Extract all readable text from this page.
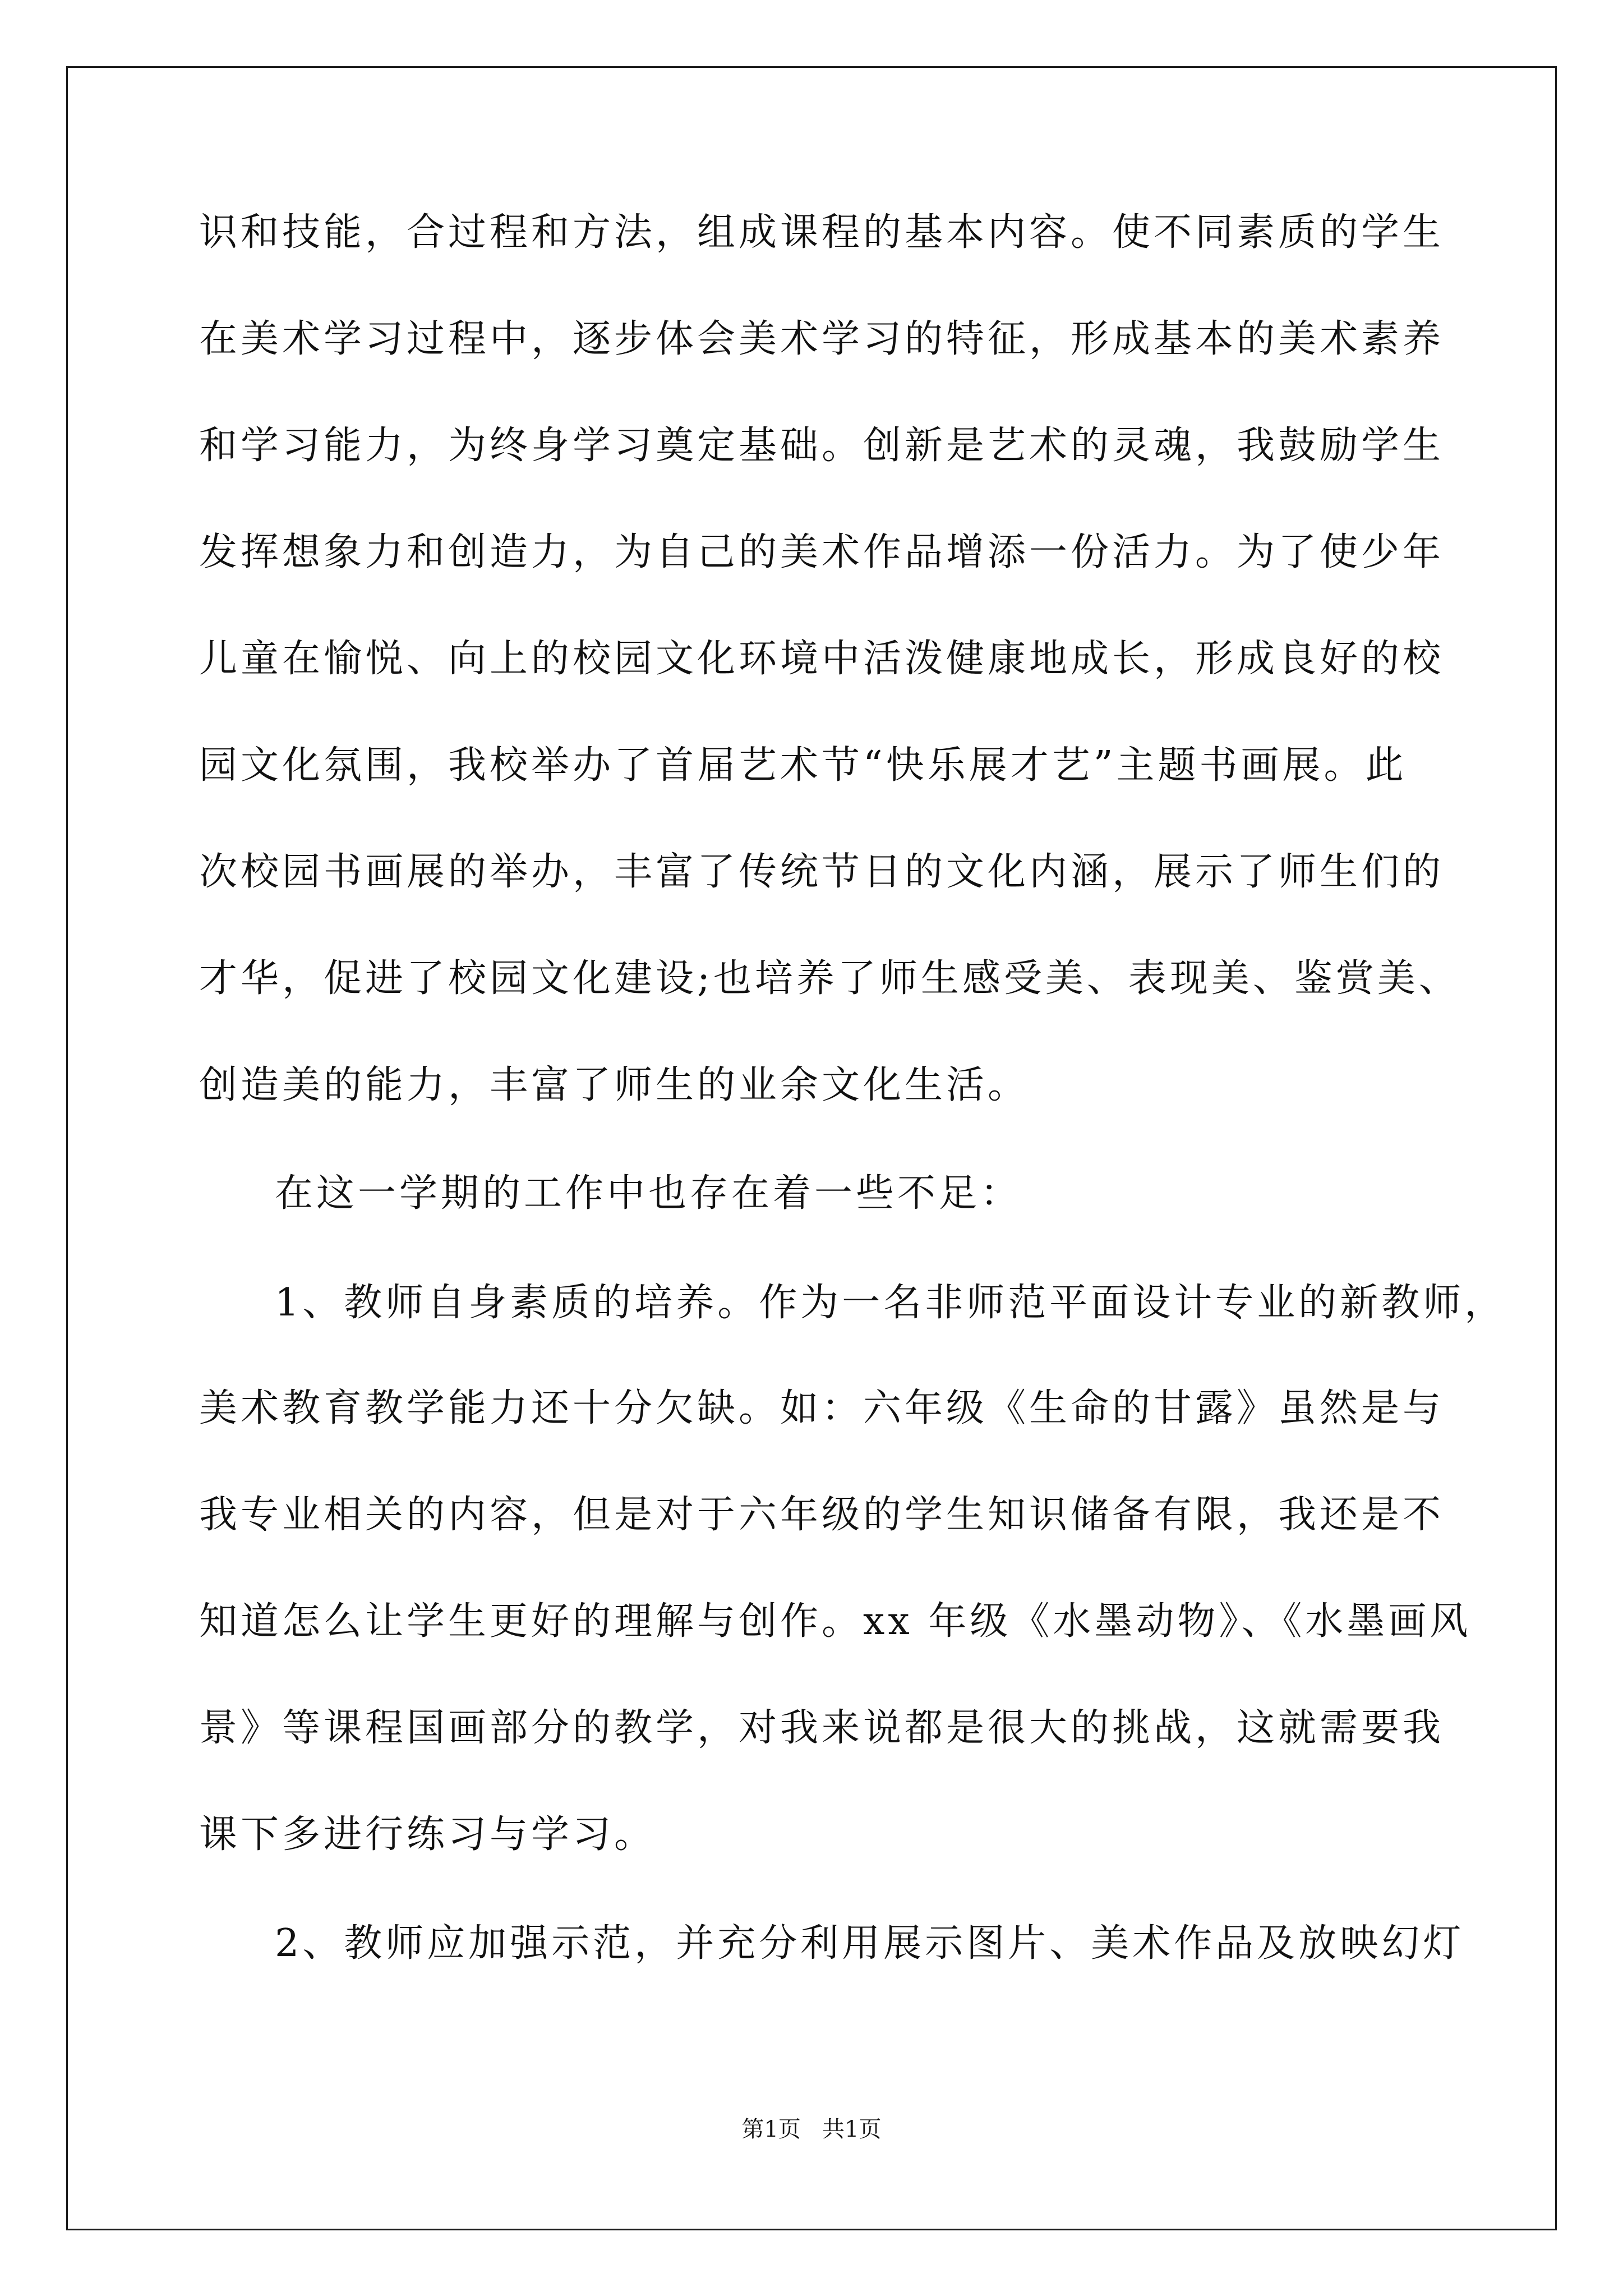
识和技能，合过程和方法，组成课程的基本内容。使不同素质的学生
在美术学习过程中，逐步体会美术学习的特征，形成基本的美术素养
和学习能力，为终身学习奠定基础。创新是艺术的灵魂，我鼓励学生
发挥想象力和创造力，为自己的美术作品增添一份活力。为了使少年
儿童在愉悦、向上的校园文化环境中活泼健康地成长，形成良好的校
园文化氛围，我校举办了首届艺术节“快乐展才艺”主题书画展。此
次校园书画展的举办，丰富了传统节日的文化内涵，展示了师生们的
才华，促进了校园文化建设;也培养了师生感受美、表现美、鉴赏美、
创造美的能力，丰富了师生的业余文化生活。
在这一学期的工作中也存在着一些不足：
1、教师自身素质的培养。作为一名非师范平面设计专业的新教师，
美术教育教学能力还十分欠缺。如：六年级《生命的甘露》虽然是与
我专业相关的内容，但是对于六年级的学生知识储备有限，我还是不
知道怎么让学生更好的理解与创作。xx 年级《水墨动物》、《水墨画风
景》等课程国画部分的教学，对我来说都是很大的挑战，这就需要我
课下多进行练习与学习。
2、教师应加强示范，并充分利用展示图片、美术作品及放映幻灯
第1页   共1页
